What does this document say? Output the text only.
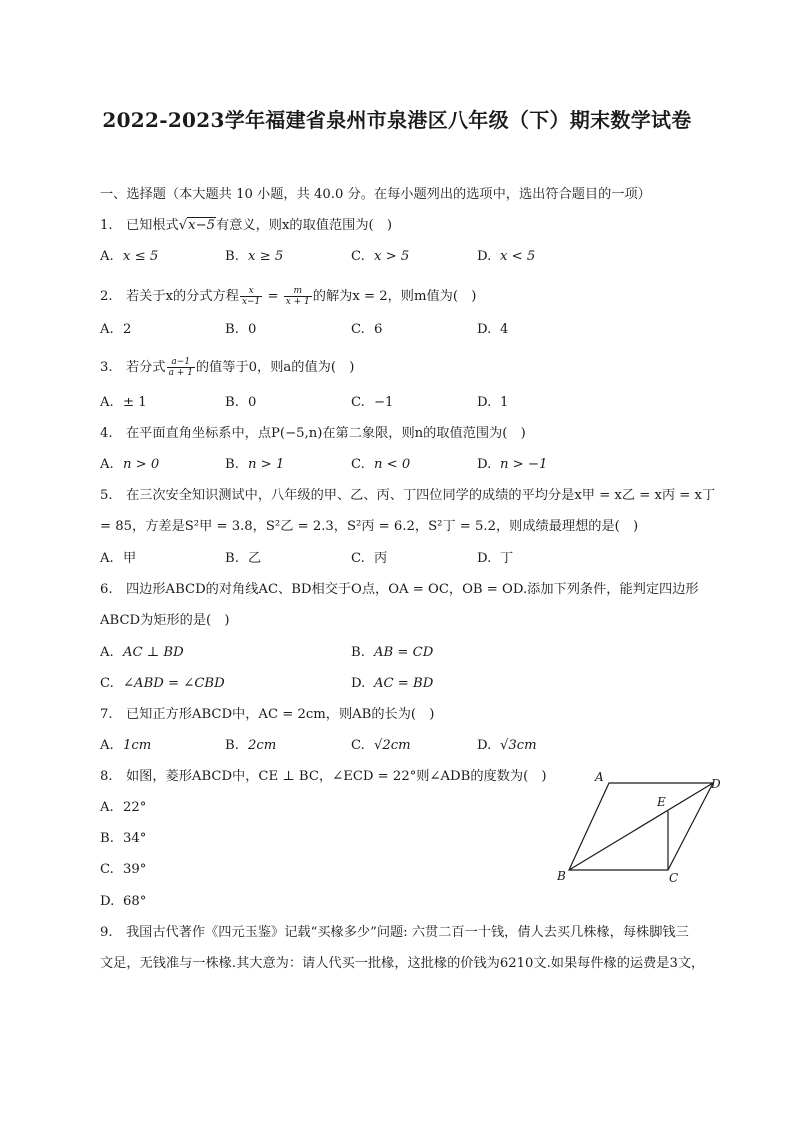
2022-2023学年福建省泉州市泉港区八年级（下）期末数学试卷
一、选择题（本大题共 10 小题，共 40.0 分。在每小题列出的选项中，选出符合题目的一项）
1. 已知根式√x−5有意义，则x的取值范围为(　)
A. x ≤ 5	B. x ≥ 5	C. x > 5	D. x < 5
2. 若关于x的分式方程 $\frac{x}{x-1} = \frac{m}{x + 1}$ 的解为x = 2，则m值为(　)
A. 2	B. 0	C. 6	D. 4
3. 若分式 $\frac{a-1}{a + 1}$ 的值等于0，则a的值为(　)
A. ± 1	B. 0	C. −1	D. 1
4. 在平面直角坐标系中，点P(−5,n)在第二象限，则n的取值范围为(　)
A. n > 0	B. n > 1	C. n < 0	D. n > −1
5. 在三次安全知识测试中，八年级的甲、乙、丙、丁四位同学的成绩的平均分是x甲 = x乙 = x丙 = x丁
= 85，方差是S²甲 = 3.8，S²乙 = 2.3，S²丙 = 6.2，S²丁 = 5.2，则成绩最理想的是(　)
A. 甲	B. 乙	C. 丙	D. 丁
6. 四边形ABCD的对角线AC、BD相交于O点，OA = OC，OB = OD.添加下列条件，能判定四边形
ABCD为矩形的是(　)
A. AC ⊥ BD	B. AB = CD
C. ∠ABD = ∠CBD	D. AC = BD
7. 已知正方形ABCD中，AC = 2cm，则AB的长为(　)
A. 1cm	B. 2cm	C. √2cm	D. √3cm
8. 如图，菱形ABCD中，CE ⊥ BC，∠ECD = 22°则∠ADB的度数为(　)
A. 22°
B. 34°
C. 39°
D. 68°
A	D
E
B	C
9. 我国古代著作《四元玉鉴》记载“买椽多少”问题: 六贯二百一十钱，倩人去买几株椽，每株脚钱三
文足，无钱准与一株椽.其大意为：请人代买一批椽，这批椽的价钱为6210文.如果每件椽的运费是3文，
